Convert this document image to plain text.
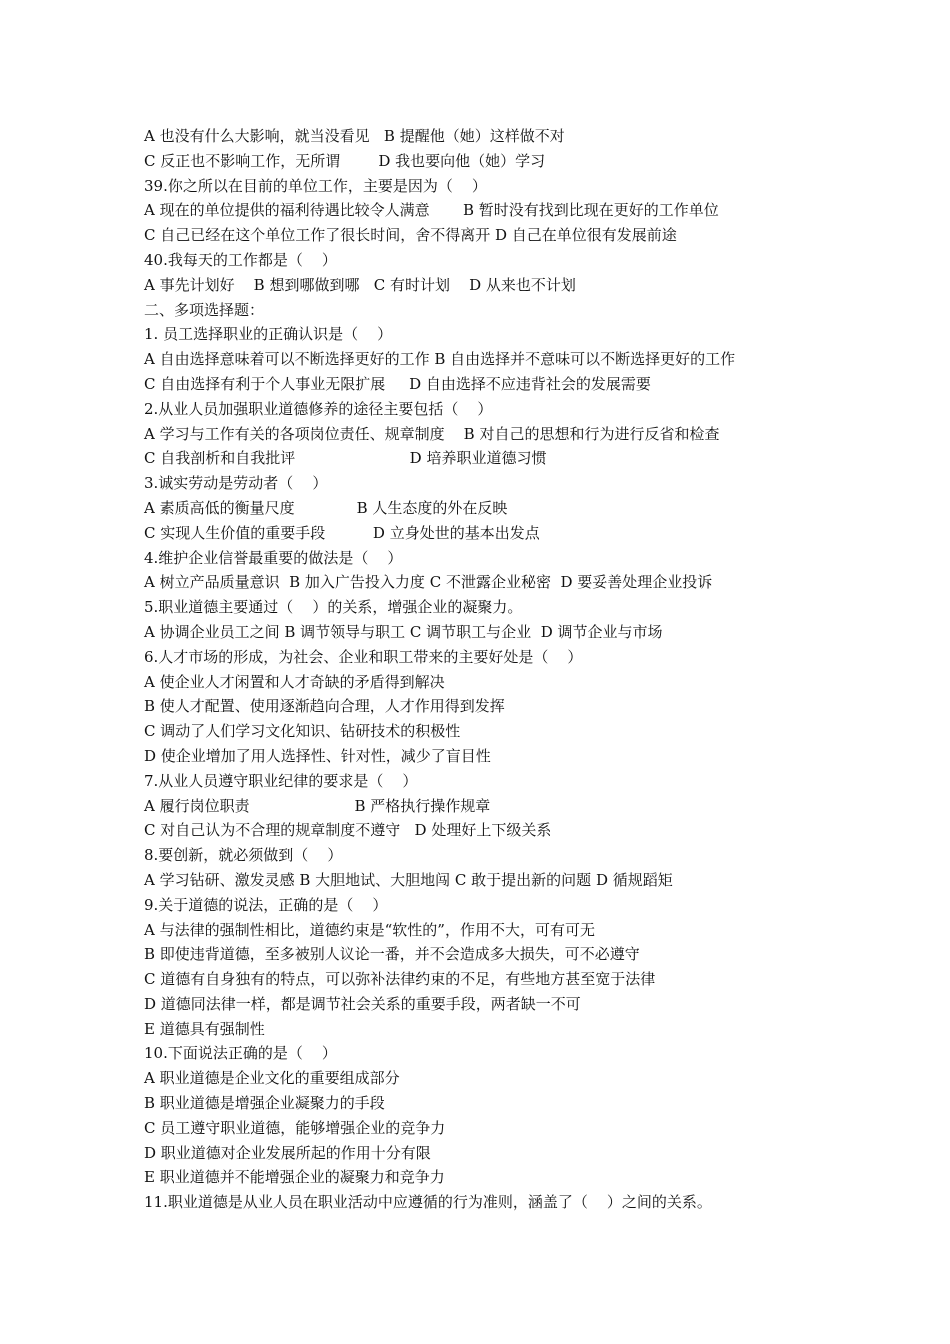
A 也没有什么大影响，就当没看见   B 提醒他（她）这样做不对
C 反正也不影响工作，无所谓        D 我也要向他（她）学习
39.你之所以在目前的单位工作，主要是因为（    ）
A 现在的单位提供的福利待遇比较令人满意       B 暂时没有找到比现在更好的工作单位
C 自己已经在这个单位工作了很长时间，舍不得离开 D 自己在单位很有发展前途
40.我每天的工作都是（    ）
A 事先计划好    B 想到哪做到哪   C 有时计划    D 从来也不计划
二、多项选择题：
1. 员工选择职业的正确认识是（    ）
A 自由选择意味着可以不断选择更好的工作 B 自由选择并不意味可以不断选择更好的工作
C 自由选择有利于个人事业无限扩展     D 自由选择不应违背社会的发展需要
2.从业人员加强职业道德修养的途径主要包括（    ）
A 学习与工作有关的各项岗位责任、规章制度    B 对自己的思想和行为进行反省和检查
C 自我剖析和自我批评                        D 培养职业道德习惯
3.诚实劳动是劳动者（    ）
A 素质高低的衡量尺度             B 人生态度的外在反映
C 实现人生价值的重要手段          D 立身处世的基本出发点
4.维护企业信誉最重要的做法是（    ）
A 树立产品质量意识  B 加入广告投入力度 C 不泄露企业秘密  D 要妥善处理企业投诉
5.职业道德主要通过（    ）的关系，增强企业的凝聚力。
A 协调企业员工之间 B 调节领导与职工 C 调节职工与企业  D 调节企业与市场
6.人才市场的形成，为社会、企业和职工带来的主要好处是（    ）
A 使企业人才闲置和人才奇缺的矛盾得到解决
B 使人才配置、使用逐渐趋向合理，人才作用得到发挥
C 调动了人们学习文化知识、钻研技术的积极性
D 使企业增加了用人选择性、针对性，减少了盲目性
7.从业人员遵守职业纪律的要求是（    ）
A 履行岗位职责                      B 严格执行操作规章
C 对自己认为不合理的规章制度不遵守   D 处理好上下级关系
8.要创新，就必须做到（    ）
A 学习钻研、激发灵感 B 大胆地试、大胆地闯 C 敢于提出新的问题 D 循规蹈矩
9.关于道德的说法，正确的是（    ）
A 与法律的强制性相比，道德约束是“软性的”，作用不大，可有可无
B 即使违背道德，至多被别人议论一番，并不会造成多大损失，可不必遵守
C 道德有自身独有的特点，可以弥补法律约束的不足，有些地方甚至宽于法律
D 道德同法律一样，都是调节社会关系的重要手段，两者缺一不可
E 道德具有强制性
10.下面说法正确的是（    ）
A 职业道德是企业文化的重要组成部分
B 职业道德是增强企业凝聚力的手段
C 员工遵守职业道德，能够增强企业的竞争力
D 职业道德对企业发展所起的作用十分有限
E 职业道德并不能增强企业的凝聚力和竞争力
11.职业道德是从业人员在职业活动中应遵循的行为准则，涵盖了（    ）之间的关系。
